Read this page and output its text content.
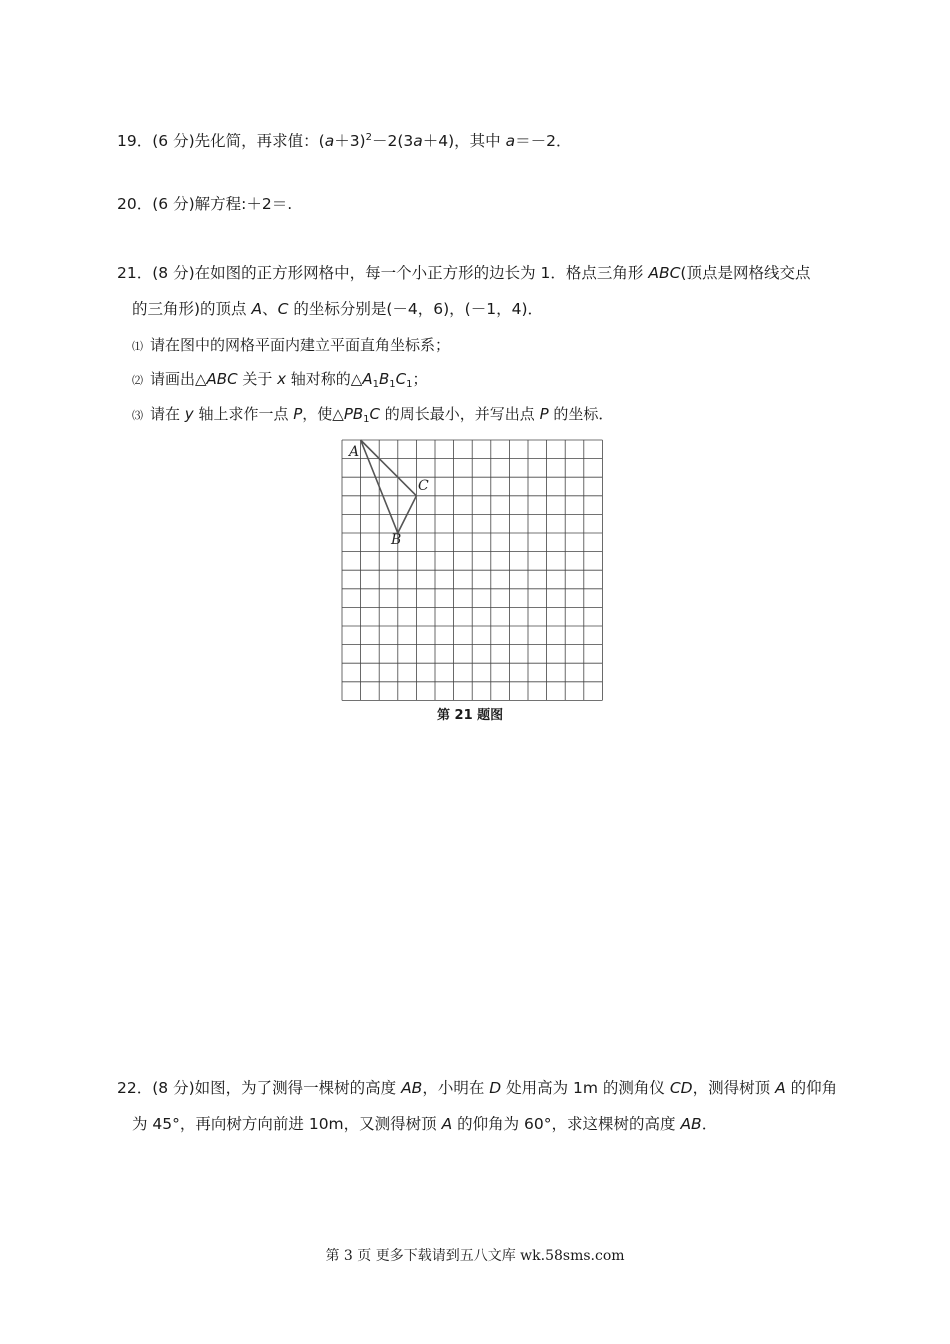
19．(6 分)先化简，再求值：$(a+3)^2-2(3a+4)$，其中 a＝－2．
20．(6 分)解方程:＋2＝.
21．(8 分)在如图的正方形网格中，每一个小正方形的边长为 1．格点三角形 ABC(顶点是网格线交点
的三角形)的顶点 A、C 的坐标分别是(－4，6)，(－1，4)．
⑴ 请在图中的网格平面内建立平面直角坐标系；
⑵ 请画出△ABC 关于 x 轴对称的$\triangle A_1B_1C_1$；
⑶ 请在 y 轴上求作一点 P，使$\triangle PB_1C$ 的周长最小，并写出点 P 的坐标．
A
B
C
第 21 题图
22．(8 分)如图，为了测得一棵树的高度 AB，小明在 D 处用高为 1m 的测角仪 CD，测得树顶 A 的仰角
为 45°，再向树方向前进 10m，又测得树顶 A 的仰角为 60°，求这棵树的高度 AB．
第 3 页 更多下载请到五八文库 wk.58sms.com
